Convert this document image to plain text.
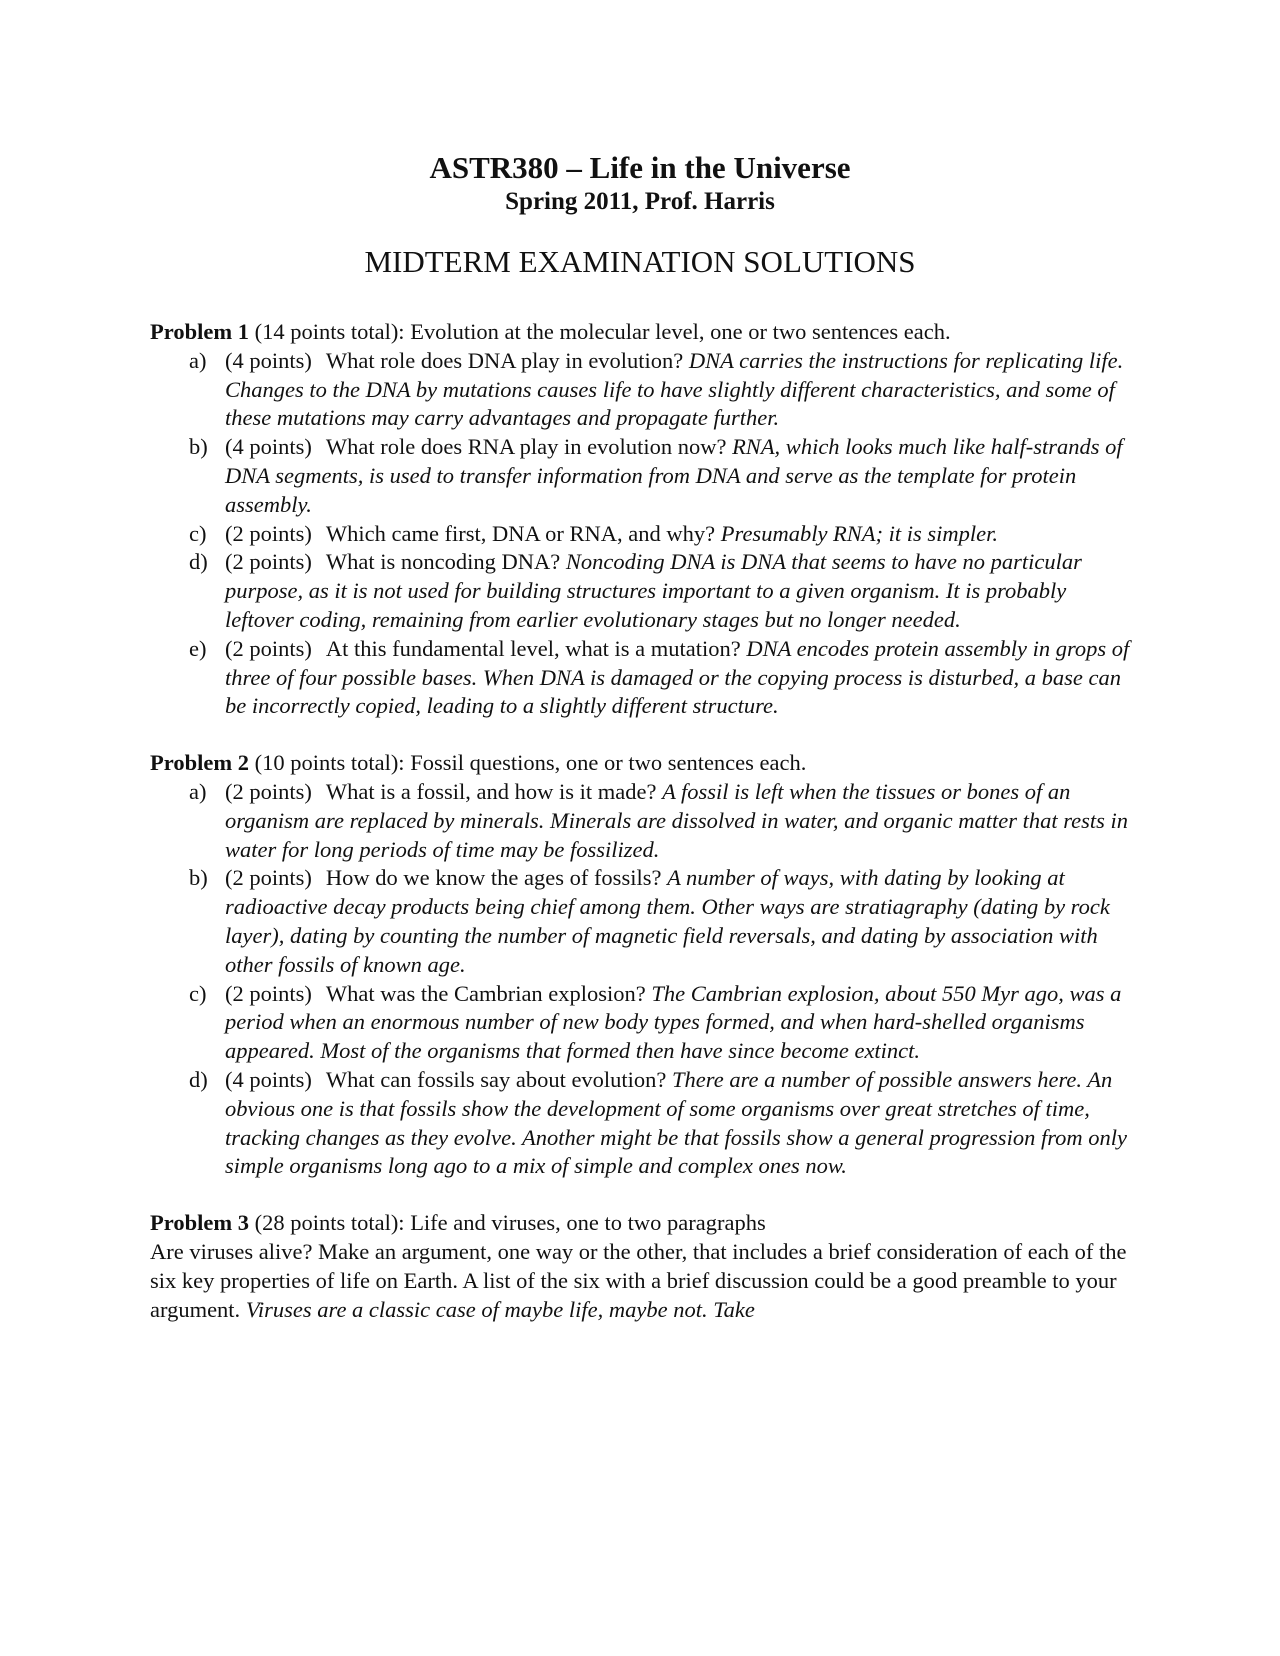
ASTR380 – Life in the Universe
Spring 2011, Prof. Harris
MIDTERM EXAMINATION SOLUTIONS
Problem 1 (14 points total): Evolution at the molecular level, one or two sentences each.
a) (4 points) What role does DNA play in evolution? DNA carries the instructions for replicating life. Changes to the DNA by mutations causes life to have slightly different characteristics, and some of these mutations may carry advantages and propagate further.
b) (4 points) What role does RNA play in evolution now? RNA, which looks much like half-strands of DNA segments, is used to transfer information from DNA and serve as the template for protein assembly.
c) (2 points) Which came first, DNA or RNA, and why? Presumably RNA; it is simpler.
d) (2 points) What is noncoding DNA? Noncoding DNA is DNA that seems to have no particular purpose, as it is not used for building structures important to a given organism. It is probably leftover coding, remaining from earlier evolutionary stages but no longer needed.
e) (2 points) At this fundamental level, what is a mutation? DNA encodes protein assembly in grops of three of four possible bases. When DNA is damaged or the copying process is disturbed, a base can be incorrectly copied, leading to a slightly different structure.
Problem 2 (10 points total): Fossil questions, one or two sentences each.
a) (2 points) What is a fossil, and how is it made? A fossil is left when the tissues or bones of an organism are replaced by minerals. Minerals are dissolved in water, and organic matter that rests in water for long periods of time may be fossilized.
b) (2 points) How do we know the ages of fossils? A number of ways, with dating by looking at radioactive decay products being chief among them. Other ways are stratiagraphy (dating by rock layer), dating by counting the number of magnetic field reversals, and dating by association with other fossils of known age.
c) (2 points) What was the Cambrian explosion? The Cambrian explosion, about 550 Myr ago, was a period when an enormous number of new body types formed, and when hard-shelled organisms appeared. Most of the organisms that formed then have since become extinct.
d) (4 points) What can fossils say about evolution? There are a number of possible answers here. An obvious one is that fossils show the development of some organisms over great stretches of time, tracking changes as they evolve. Another might be that fossils show a general progression from only simple organisms long ago to a mix of simple and complex ones now.
Problem 3 (28 points total): Life and viruses, one to two paragraphs

Are viruses alive? Make an argument, one way or the other, that includes a brief consideration of each of the six key properties of life on Earth. A list of the six with a brief discussion could be a good preamble to your argument. Viruses are a classic case of maybe life, maybe not. Take
